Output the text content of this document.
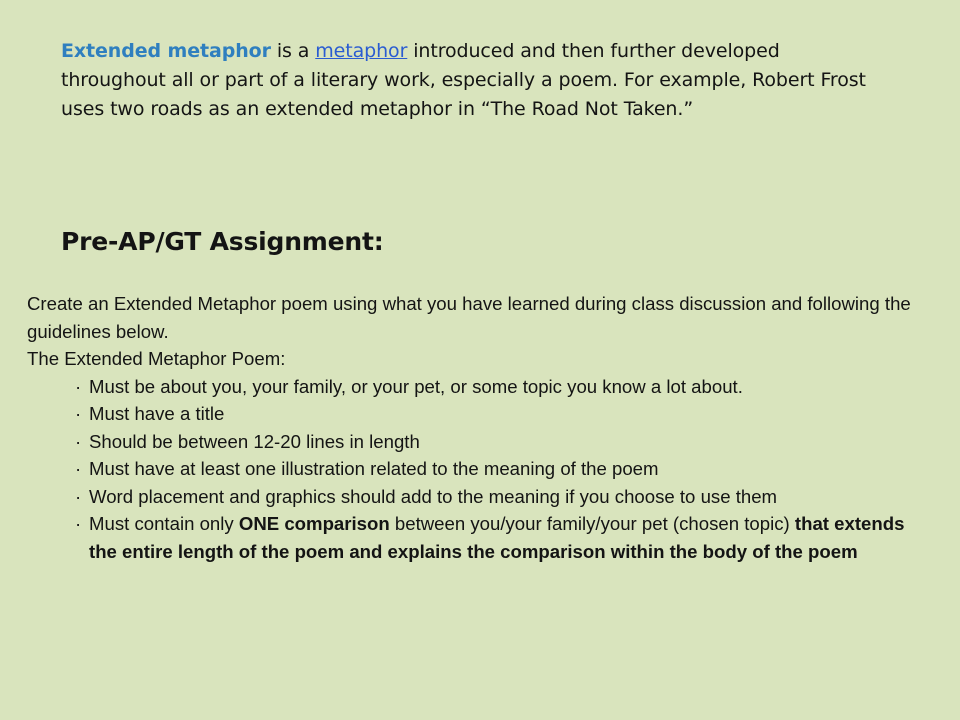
Extended metaphor is a metaphor introduced and then further developed throughout all or part of a literary work, especially a poem. For example, Robert Frost uses two roads as an extended metaphor in “The Road Not Taken.”

Pre-AP/GT Assignment:

Create an Extended Metaphor poem using what you have learned during class discussion and following the guidelines below.

The Extended Metaphor Poem:

· Must be about you, your family, or your pet, or some topic you know a lot about.
· Must have a title
· Should be between 12-20 lines in length
· Must have at least one illustration related to the meaning of the poem
· Word placement and graphics should add to the meaning if you choose to use them
· Must contain only ONE comparison between you/your family/your pet (chosen topic) that extends the entire length of the poem and explains the comparison within the body of the poem
